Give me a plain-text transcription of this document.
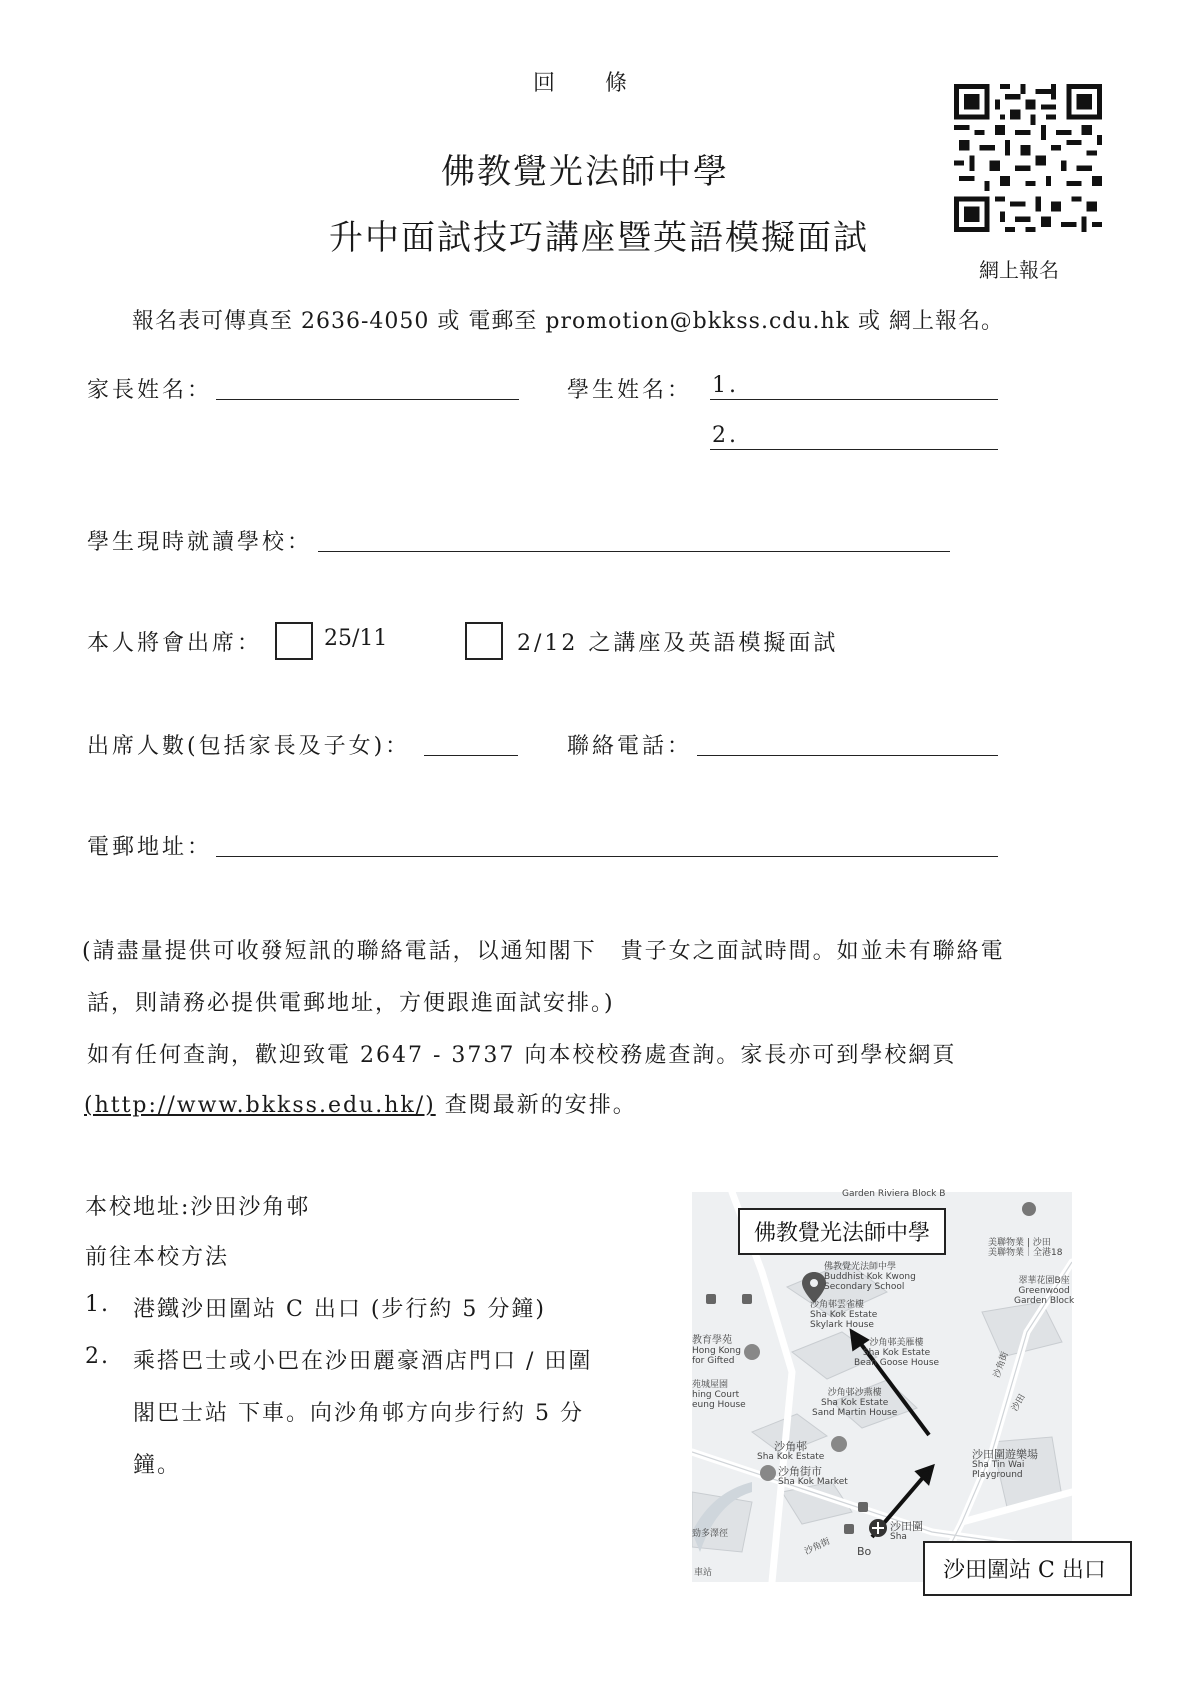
回　　條
佛教覺光法師中學
升中面試技巧講座暨英語模擬面試
網上報名
報名表可傳真至 2636-4050 或 電郵至 promotion@bkkss.cdu.hk 或 網上報名。
家長姓名：	學生姓名： 1.
2.
學生現時就讀學校：
本人將會出席：	25/11	2/12 之講座及英語模擬面試
出席人數(包括家長及子女)：	聯絡電話：
電郵地址：
(請盡量提供可收發短訊的聯絡電話，以通知閣下　貴子女之面試時間。如並未有聯絡電
話，則請務必提供電郵地址，方便跟進面試安排。)
如有任何查詢，歡迎致電 2647 - 3737 向本校校務處查詢。家長亦可到學校網頁
(http://www.bkkss.edu.hk/) 查閱最新的安排。
本校地址:沙田沙角邨
前往本校方法
1. 港鐵沙田圍站 C 出口 (步行約 5 分鐘)
2. 乘搭巴士或小巴在沙田麗豪酒店門口 / 田圍
閣巴士站 下車。向沙角邨方向步行約 5 分
鐘。
Garden Riviera Block B
佛教覺光法師中學
Buddhist Kok Kwong
Secondary School
沙角邨雲雀樓
Sha Kok Estate
Skylark House
沙角邨美雁樓
Sha Kok Estate
Bean Goose House
沙角邨沙燕樓
Sha Kok Estate
Sand Martin House
沙角邨
Sha Kok Estate
沙角街市
Sha Kok Market
沙田圍遊樂場
Sha Tin Wai
Playground
翠華花園B座
Greenwood
Garden Block
美聯物業 | 沙田
美聯物業｜全港18
教育學苑
Hong Kong
for Gifted
苑城屋園
hing Court
eung House
沙田圍
Sha
沙角街
沙角街
沙田
勁多澤徑
Bo
車站
佛教覺光法師中學
沙田圍站 C 出口
